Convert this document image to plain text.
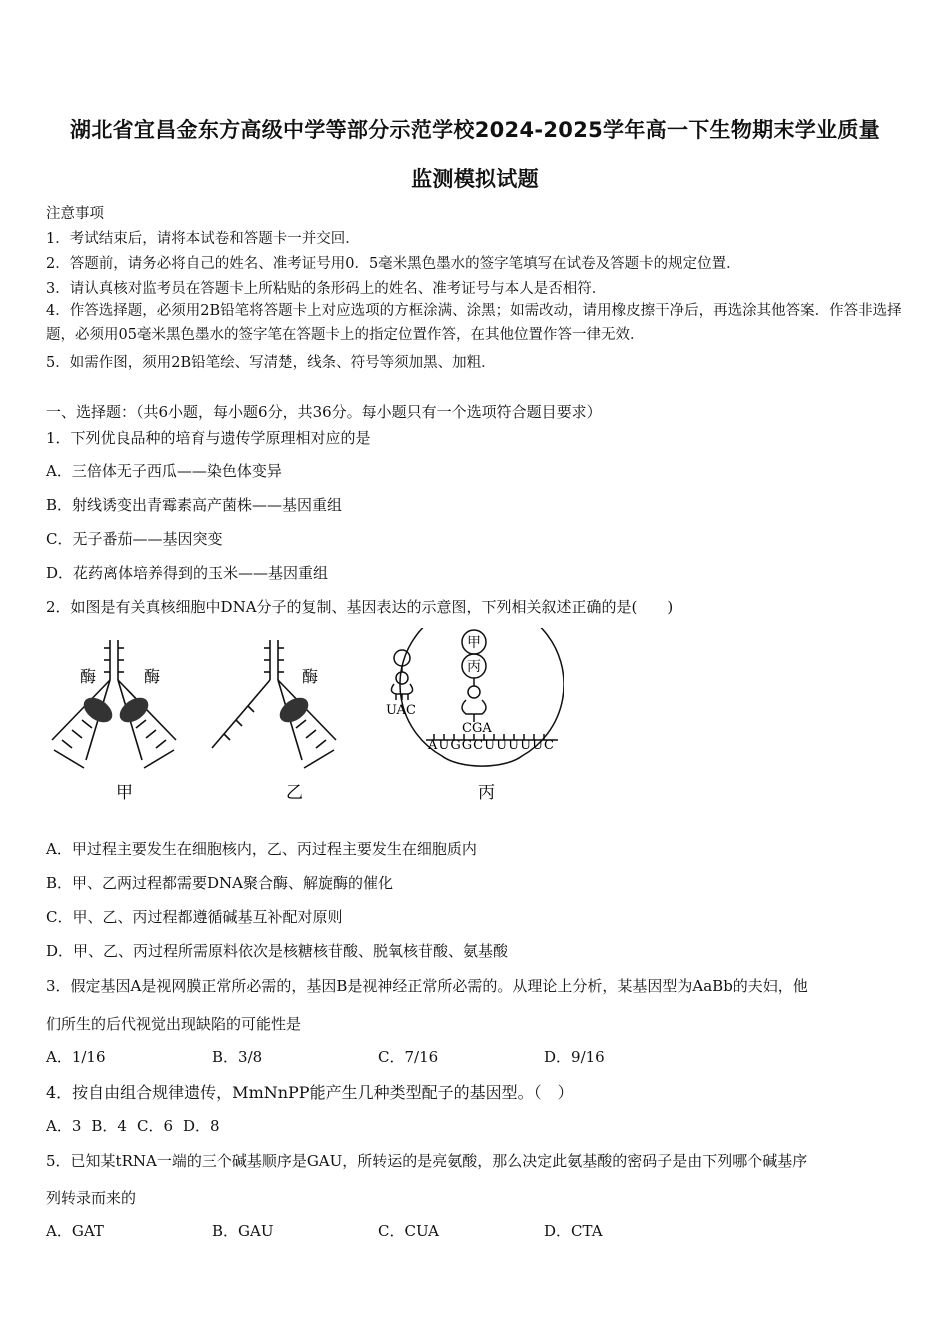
湖北省宜昌金东方高级中学等部分示范学校2024-2025学年高一下生物期末学业质量
监测模拟试题
注意事项
1．考试结束后，请将本试卷和答题卡一并交回．
2．答题前，请务必将自己的姓名、准考证号用0．5毫米黑色墨水的签字笔填写在试卷及答题卡的规定位置．
3．请认真核对监考员在答题卡上所粘贴的条形码上的姓名、准考证号与本人是否相符．
4．作答选择题，必须用2B铅笔将答题卡上对应选项的方框涂满、涂黑；如需改动，请用橡皮擦干净后，再选涂其他答案．作答非选择题，必须用05毫米黑色墨水的签字笔在答题卡上的指定位置作答，在其他位置作答一律无效．
5．如需作图，须用2B铅笔绘、写清楚，线条、符号等须加黑、加粗．
一、选择题：（共6小题，每小题6分，共36分。每小题只有一个选项符合题目要求）
1．下列优良品种的培育与遗传学原理相对应的是
A．三倍体无子西瓜——染色体变异
B．射线诱变出青霉素高产菌株——基因重组
C．无子番茄——基因突变
D．花药离体培养得到的玉米——基因重组
2．如图是有关真核细胞中DNA分子的复制、基因表达的示意图，下列相关叙述正确的是(　　)
酶	酶
甲
酶
乙
甲
丙
UAC
CGA
AUGGCUUUUUC
丙
A．甲过程主要发生在细胞核内，乙、丙过程主要发生在细胞质内
B．甲、乙两过程都需要DNA聚合酶、解旋酶的催化
C．甲、乙、丙过程都遵循碱基互补配对原则
D．甲、乙、丙过程所需原料依次是核糖核苷酸、脱氧核苷酸、氨基酸
3．假定基因A是视网膜正常所必需的，基因B是视神经正常所必需的。从理论上分析，某基因型为AaBb的夫妇，他
们所生的后代视觉出现缺陷的可能性是
A．1/16	B．3/8	C．7/16	D．9/16
4．按自由组合规律遗传，MmNnPP能产生几种类型配子的基因型。（　）
A．3 B．4 C．6 D．8
5．已知某tRNA一端的三个碱基顺序是GAU，所转运的是亮氨酸，那么决定此氨基酸的密码子是由下列哪个碱基序
列转录而来的
A．GAT	B．GAU	C．CUA	D．CTA
